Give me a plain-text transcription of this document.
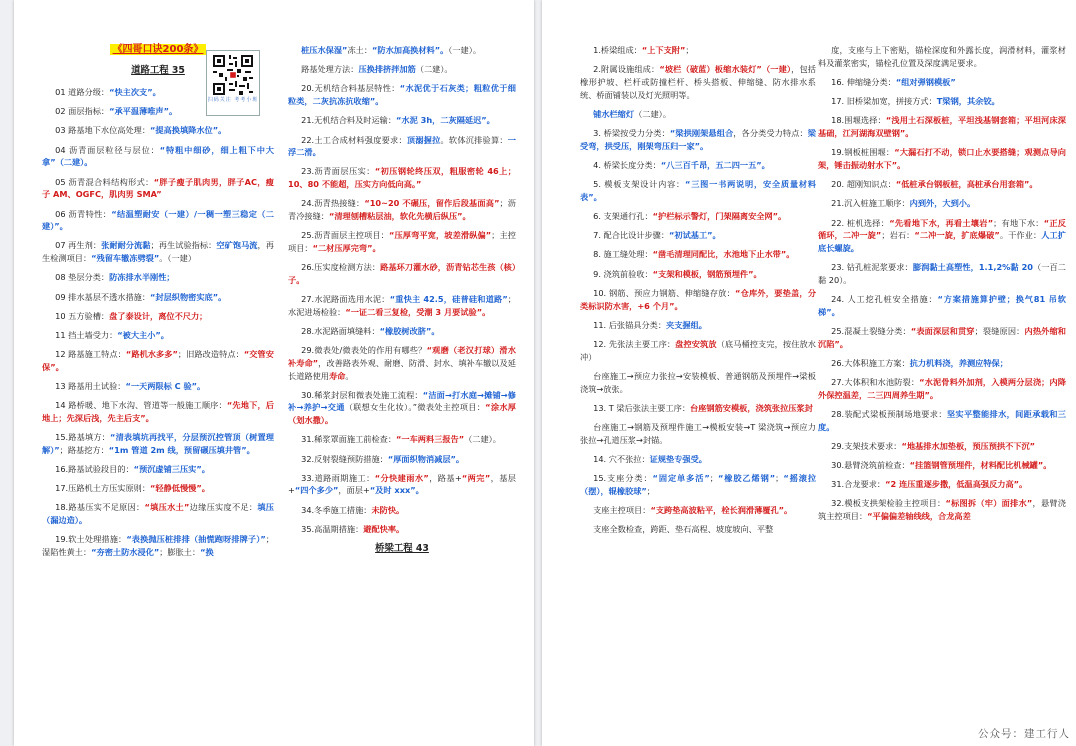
《四哥口诀200条》

道路工程 35

01 道路分级：“快主次支”。

02 面层指标：“承平温薄唯声”。

03 路基地下水位高处理：“提高换填降水位”。

04 沥青面层粒径与层位：“特粗中细砂，细上粗下中大拿”（二建）。

05 沥青混合料结构形式：“胖子瘦子肌肉男，胖子AC，瘦子 AM、OGFC，肌肉男 SMA”

06 沥青特性：“结温塑耐安（一建）/一稠一塑三稳定（二建）”。

07 再生剂：张耐耐分流黏；再生试验指标：空矿饱马流，再生检测项目：“残留车辙冻劈裂”。（一建）

08 垫层分类：防冻排水半刚性；

09 排水基层不透水措施：“封层织物密实底”。

10 五方验槽：盘了泰设计，离位不尺力；

11 挡土墙受力：“被大主小”。

12 路基施工特点：“路机水多多”；旧路改造特点：“交管安保”。

13 路基用土试验：“一天两限标 C 验”。

14 路桥暖、地下水沟、管道等一般施工顺序：“先地下，后地上；先深后浅，先主后支”。

15.路基填方：“清表填坑再找平，分层预沉控管顶（树置理解）”；路基挖方：“1m 管道 2m 线，预留碾压填井管”。

16.路基试验段目的：“预沉虚铺三压实”。

17.压路机土方压实原则：“轻静低慢慢”。

18.路基压实不足原因：“填压水土”边缘压实度不足：填压（漏边造）。

19.软土处理措施：“表换抛压桩排排（抽慌跑呀排牌子）”；湿陷性黄土：“夯密土防水浸化”；膨胀土：“换

扫码关注 考考小班

桩压水保湿”冻土：“防水加高换材料”。（一建）。

路基处理方法：压换排挤拌加筋（二建）。

20.无机结合料基层特性：“水泥优于石灰类；粗粒优于细粒类，二灰抗冻抗收缩”。

21.无机结合料及时运输：“水泥 3h，二灰隔延迟”。

22.土工合成材料强度要求：顶溺握拉。软体沉排验算：一浮二滑。

23.沥青面层压实：“初压钢轮终压双，粗服密轮 46上；10、80 不能超，压实方向低向高。”

24.沥青热接缝：“10~20 不碾压，留作后段基面高”；沥青冷接缝：“清理刨槽粘层油，软化先横后纵压”。

25.沥青面层主控项目：“压厚弯平宽，坡差滑纵偏”；主控项目：“二材压厚完弯”。

26.压实度检测方法：路基环刀灌水砂，沥青钻芯生孩（核）子。

27.水泥路面选用水泥：“重快主 42.5，硅普硅和道路”；水泥进场检验：“一证二看三复检，受潮 3 月要试验”。

28.水泥路面填缝料：“橡胶树改脐”。

29.微表处/微表处的作用有哪些？“观磨（老汉打球）滑水补寿命”，改善路表外观、耐磨、防滑、封水、填补车辙以及延长道路使用寿命。

30.稀浆封层和微表处施工流程：“洁面→打水庭→摊铺→修补→养护→交通（联想女生化妆）。”微表处主控项目：“涂水厚（划水撒）。

31.稀浆罩面施工前检查：“一车两料三报告”（二建）。

32.反射裂缝预防措施：“厚面织物消减层”。

33.道路雨期施工：“分快建雨水”，路基+“两完”，基层+“四个多少”，面层+“及时 xxx”。

34.冬季施工措施：未防快。

35.高温期措施：避配快率。

桥梁工程 43

1.桥梁组成：“上下支附”；

2.附属设施组成：“坡栏（破蓝）板缩水装灯”（一建），包括橡形护坡、栏杆或防撞栏杆、桥头搭板、伸缩缝、防水排水系统、桥面铺装以及灯光照明等。

铺水栏缩灯（二建）。

3. 桥梁按受力分类：“梁拱刚架悬组合，各分类受力特点：梁受弯，拱受压，刚架弯压归一家”。

4. 桥梁长度分类：“八三百千昂，五二四一五”。

5. 模板支架设计内容：“三图一书两说明，安全质量材料表”。

6. 支架通行孔：“护栏标示警灯，门架隔离安全网”。

7. 配合比设计步骤：“初试基工”。

8. 施工缝处理：“凿毛清理同配比，水池地下止水带”。

9. 浇筑前验收：“支架和模板，钢筋预埋件”。

10. 钢筋、预应力钢筋、伸缩缝存放：“仓库外，要垫盖，分类标识防水害，+6 个月”。

11. 后张锚具分类：夹支握组。

12. 先张法主要工序：盘控安筑放（底马桶控支完，按住放水冲）

台座施工→预应力张拉→安装模板、普通钢筋及预埋件→梁板浇筑→放张。

13. T 梁后张法主要工序：台座钢筋安模板，浇筑张拉压浆封

台座施工→钢筋及预埋件施工→模板安装→T 梁浇筑→预应力张拉→孔道压浆→封锚。

14. 穴不张拉：证规垫专强受。

15.支座分类：“固定单多活”；“橡胶乙烯钢”；“摇滚拉（摆），辊橡胶球”；

支座主控项目：“支跨垫高波粘平，栓长润滑薄覆孔”。

支座全数检查，跨距、垫石高程、坡度坡向、平整

度，支座与上下密贴，锚栓深度和外露长度，润滑材料，灌浆材料及灌浆密实，锚栓孔位置及深度满足要求。

16. 伸缩缝分类：“组对弹钢模板”

17. 旧桥梁加宽，拼接方式：T梁钢，其余铰。

18.围堰选择：“浅用土石深板桩，平坦浅基钢套箱；平坦河床深基础，江河湖海双壁钢”。

19.钢板桩围堰：“大漏石打不动，锁口止水要搭缝；观测点导向架，锤击振动射水下”。

20. 超刚知识点：“低桩承台钢板桩，高桩承台用套箱”。

21.沉入桩施工顺序：内到外，大到小。

22. 桩机选择：“先看地下水，再看土壤岩”；有地下水：“正反循环，二冲一旋”；岩石：“二冲一旋，扩底爆破”。干作业：人工扩底长螺旋。

23. 钻孔桩泥浆要求：膨润黏土高塑性，1.1,2%黏 20（一百二黏 20）。

24. 人工挖孔桩安全措施：“方案措施算护壁；换气81 吊软梯”。

25.混凝土裂缝分类：“表面深层和贯穿；裂缝原因：内热外缩和沉陷”。

26.大体积施工方案：抗力机料浇，养测应特保；

27.大体积和水池防裂：“水泥骨料外加剂，入模两分层浇；内降外保控温差，二三四周养生期”。

28.装配式梁板预制场地要求：坚实平整能排水，间距承载和三度。

29.支架技术要求：“地基排水加垫板，预压预拱不下沉”

30.悬臂浇筑前检查：“挂篮钢管预埋件，材料配比机械罐”。

31.合龙要求：“2 连压重逐步撒，低温高强反力高”。

32.模板支拱架检验主控项目：“标图拆（牢）面排水”，悬臂浇筑主控项目：“平偏偏差轴线线，合龙高差

公众号：建工行人
